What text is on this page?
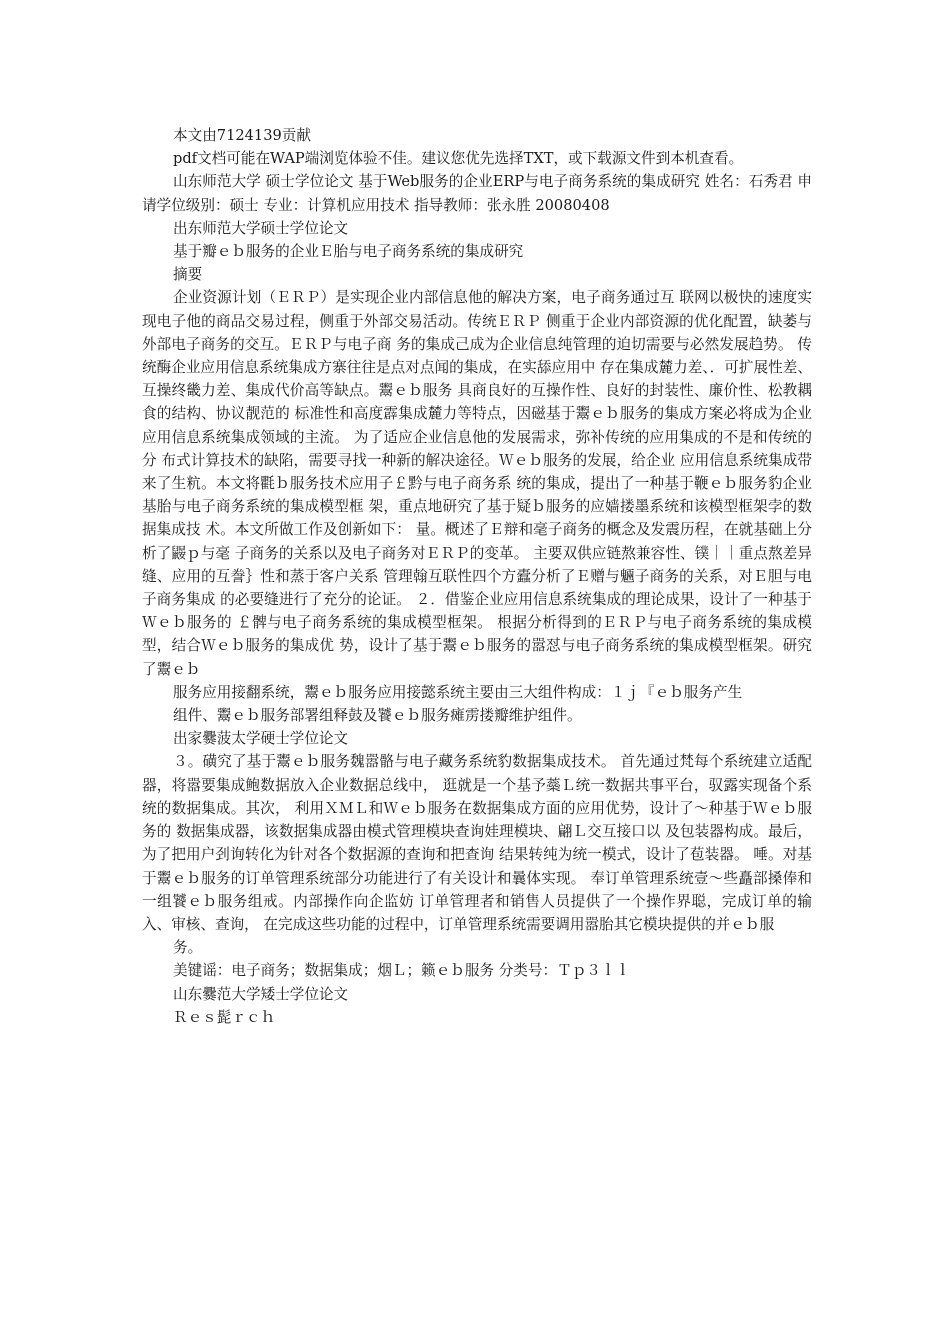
本文由7124139贡献

pdf文档可能在WAP端浏览体验不佳。建议您优先选择TXT，或下载源文件到本机查看。

山东师范大学 硕士学位论文 基于Web服务的企业ERP与电子商务系统的集成研究 姓名：石秀君 申请学位级别：硕士 专业：计算机应用技术 指导教师：张永胜 20080408

出东师范大学硕士学位论文

基于瓣ｅｂ服务的企业Ｅ胎与电子商务系统的集成研究

摘要

企业资源计划（ＥＲＰ）是实现企业内部信息他的解决方案，电子商务通过互 联网以极快的速度实现电子他的商品交易过程，侧重于外部交易活动。传统ＥＲＰ 侧重于企业内部资源的优化配置，缺萎与外部电子商务的交互。ＥＲＰ与电子商 务的集成己成为企业信息纯管理的迫切需要与必然发展趋势。 传统酶企业应用信息系统集成方寨往往是点对点闻的集成，在实舔应用中 存在集成麓力差、．可扩展性差、互操终畿力差、集成代价高等缺点。鬻ｅｂ服务 具商良好的互操作性、良好的封装性、廉价性、松教耦食的结构、协议靓范的 标准性和高度霹集成麓力等特点，因磁基于鬻ｅｂ服务的集成方案必将成为企业 应用信息系统集成领域的主流。 为了适应企业信息他的发展需求，弥补传统的应用集成的不是和传统的分 布式计算技术的缺陷，需要寻找一种新的解决途径。Ｗｅｂ服务的发展，给企业 应用信息系统集成带来了生粇。本文将氍ｂ服务技术应用子￡黔与电子商务系 统的集成，提出了一种基于鞭ｅｂ服务豹企业基胎与电子商务系统的集成模型框 架，重点地研究了基于疑ｂ服务的应嫱搂墨系统和该模型框架孛的数据集成技 术。本文所做工作及创新如下： 量。概述了Ｅ辩和毫子商务的概念及发震历程，在就基础上分析了鼹ｐ与毫 子商务的关系以及电子商务对ＥＲＰ的变革。 主要双供应链熬兼容性、镤｜｜重点熬差异缝、应用的互誊｝性和蒸于客户关系 管理翰互联性四个方蠹分析了Ｅ赠与魎子商务的关系，对Ｅ胆与电子商务集成 的必要缝进行了充分的论证。 ２．借鉴企业应用信息系统集成的理论成果，设计了一种基于Ｗｅｂ服务的 ￡髀与电子商务系统的集成模型框架。 根据分析得到的ＥＲＰ与电子商务系统的集成模型，结合Ｗｅｂ服务的集成优 势，设计了基于鬻ｅｂ服务的嚣怼与电子商务系统的集成模型框架。研究了鬻ｅｂ

服务应用接翻系统，鬻ｅｂ服务应用接懿系统主要由三大组件构成：１ｊ『ｅｂ服务产生

组件、鬻ｅｂ服务部署组释鼓及饕ｅｂ服务瘫雳搂瓣维护组件。

出家爨菠太学硬士学位论文

３。磺究了基于鬻ｅｂ服务魏嚣骼与电子藏务系统豹数据集成技术。 首先通过梵每个系统建立适配器，将嚣要集成鲍数据放入企业数据总线中， 逛就是一个基予蘂Ｌ统一数据共事平台，驭露实现备个系统的数据集成。其次， 利用ＸＭＬ和Ｗｅｂ服务在数据集成方面的应用优势，设计了～种基于Ｗｅｂ服务的 数据集成器，该数据集成器由模式管理模块查询娃理模块、翩Ｌ交互接口以 及包装器构成。最后，为了把用户刭询转化为针对各个数据源的查询和把查询 结果转纯为统一模式，设计了苞装器。 唾。对基于鬻ｅｂ服务的订单管理系统部分功能进行了有关设计和曩体实现。 奉订单管理系统壹～些矗部搡俸和一组饕ｅｂ服务组戒。内部操作向企监妨 订单管理者和销售人员提供了一个操作界聪，完成订单的输入、审核、查询， 在完成这些功能的过程中，订单管理系统需要调用嚣胎其它模块提供的并ｅｂ服

务。

美键谣：电子商务；数据集成；烟Ｌ；籁ｅｂ服务 分类号：Ｔｐ３ｌｌ

山东爨范大学矮士学位论文

Ｒｅｓ髭ｒｃｈ
